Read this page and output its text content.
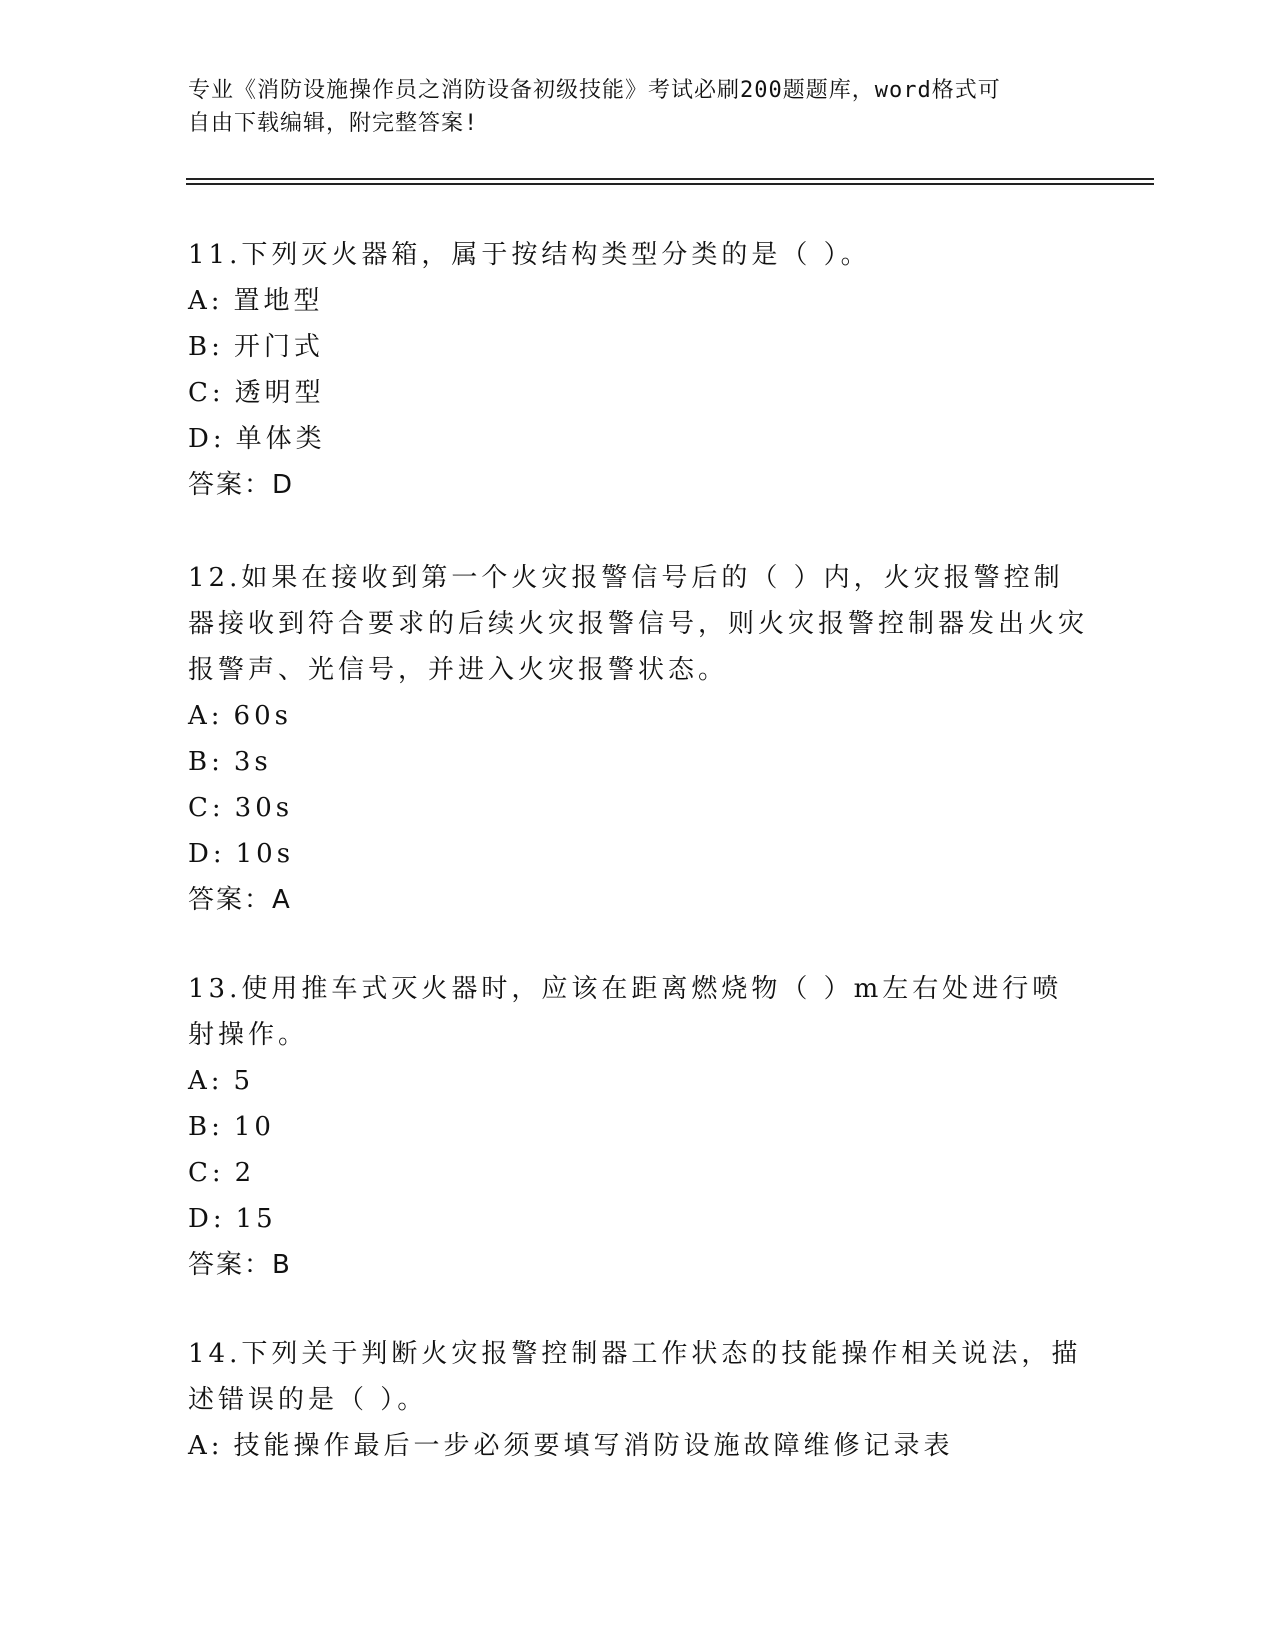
专业《消防设施操作员之消防设备初级技能》考试必刷200题题库，word格式可
自由下载编辑，附完整答案!

11.下列灭火器箱，属于按结构类型分类的是（ ）。

A: 置地型

B: 开门式

C: 透明型

D: 单体类

答案：D

12.如果在接收到第一个火灾报警信号后的（ ）内，火灾报警控制器接收到符合要求的后续火灾报警信号，则火灾报警控制器发出火灾报警声、光信号，并进入火灾报警状态。

A: 60s

B: 3s

C: 30s

D: 10s

答案：A

13.使用推车式灭火器时，应该在距离燃烧物（ ）m左右处进行喷射操作。

A: 5

B: 10

C: 2

D: 15

答案：B

14.下列关于判断火灾报警控制器工作状态的技能操作相关说法，描述错误的是（ ）。

A: 技能操作最后一步必须要填写消防设施故障维修记录表
